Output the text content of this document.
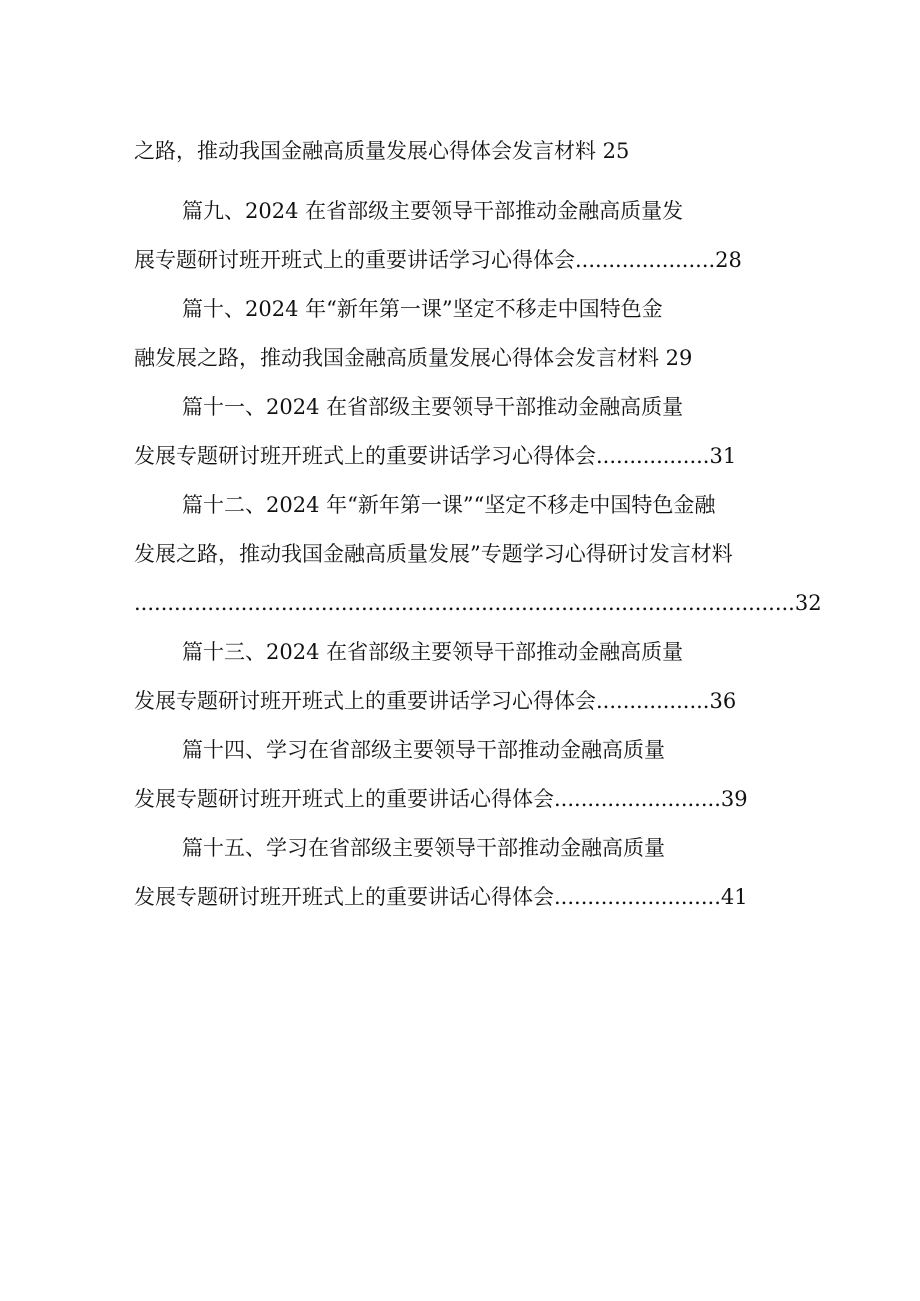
之路，推动我国金融高质量发展心得体会发言材料 25
篇九、2024 在省部级主要领导干部推动金融高质量发
展专题研讨班开班式上的重要讲话学习心得体会.....................28
篇十、2024 年“新年第一课”坚定不移走中国特色金
融发展之路，推动我国金融高质量发展心得体会发言材料 29
篇十一、2024 在省部级主要领导干部推动金融高质量
发展专题研讨班开班式上的重要讲话学习心得体会.................31
篇十二、2024 年“新年第一课”“坚定不移走中国特色金融
发展之路，推动我国金融高质量发展”专题学习心得研讨发言材料
...................................................................................................32
篇十三、2024 在省部级主要领导干部推动金融高质量
发展专题研讨班开班式上的重要讲话学习心得体会.................36
篇十四、学习在省部级主要领导干部推动金融高质量
发展专题研讨班开班式上的重要讲话心得体会.........................39
篇十五、学习在省部级主要领导干部推动金融高质量
发展专题研讨班开班式上的重要讲话心得体会.........................41
